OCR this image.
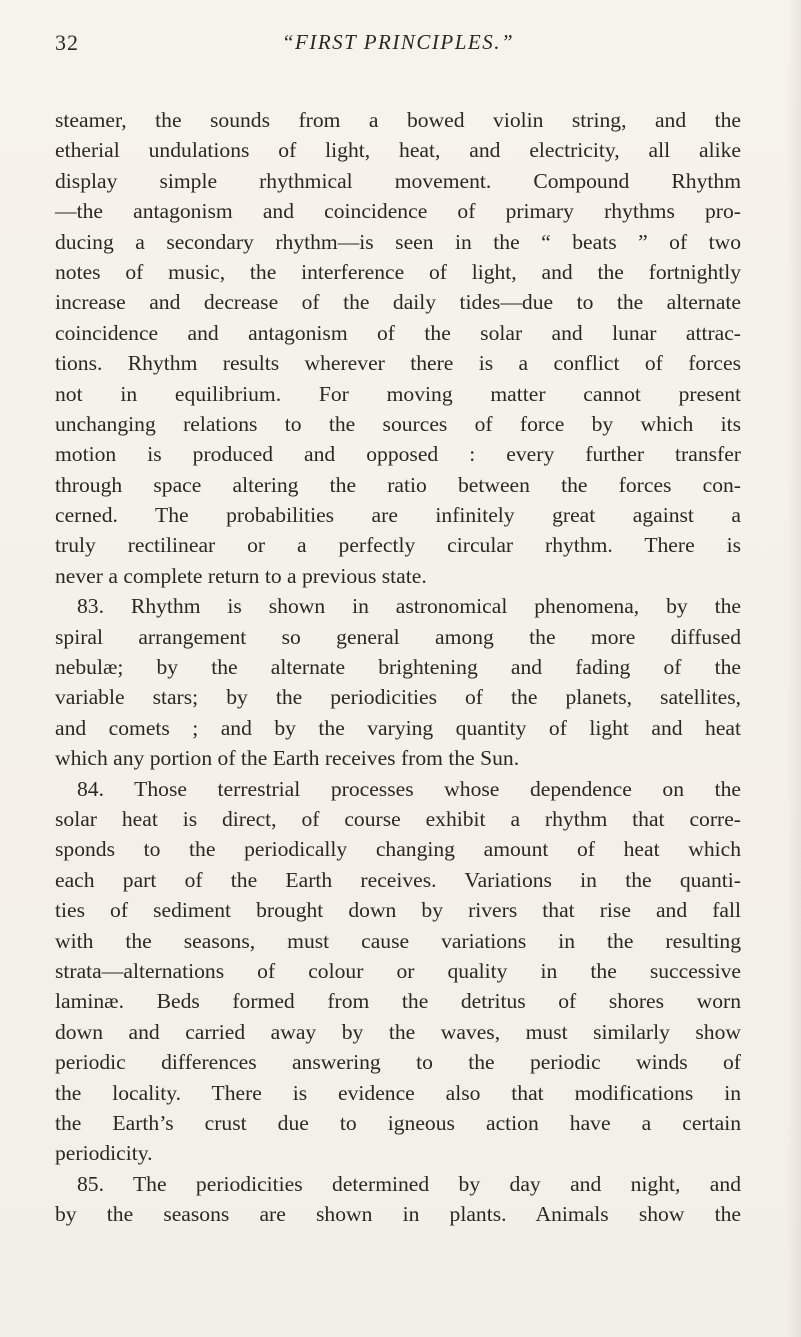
32	“FIRST PRINCIPLES.”
steamer, the sounds from a bowed violin string, and the
etherial undulations of light, heat, and electricity, all alike
display simple rhythmical movement. Compound Rhythm
—the antagonism and coincidence of primary rhythms pro-
ducing a secondary rhythm—is seen in the “ beats ” of two
notes of music, the interference of light, and the fortnightly
increase and decrease of the daily tides—due to the alternate
coincidence and antagonism of the solar and lunar attrac-
tions. Rhythm results wherever there is a conflict of forces
not in equilibrium. For moving matter cannot present
unchanging relations to the sources of force by which its
motion is produced and opposed : every further transfer
through space altering the ratio between the forces con-
cerned. The probabilities are infinitely great against a
truly rectilinear or a perfectly circular rhythm. There is
never a complete return to a previous state.
83. Rhythm is shown in astronomical phenomena, by the
spiral arrangement so general among the more diffused
nebulæ; by the alternate brightening and fading of the
variable stars; by the periodicities of the planets, satellites,
and comets ; and by the varying quantity of light and heat
which any portion of the Earth receives from the Sun.
84. Those terrestrial processes whose dependence on the
solar heat is direct, of course exhibit a rhythm that corre-
sponds to the periodically changing amount of heat which
each part of the Earth receives. Variations in the quanti-
ties of sediment brought down by rivers that rise and fall
with the seasons, must cause variations in the resulting
strata—alternations of colour or quality in the successive
laminæ. Beds formed from the detritus of shores worn
down and carried away by the waves, must similarly show
periodic differences answering to the periodic winds of
the locality. There is evidence also that modifications in
the Earth’s crust due to igneous action have a certain
periodicity.
85. The periodicities determined by day and night, and
by the seasons are shown in plants. Animals show the
